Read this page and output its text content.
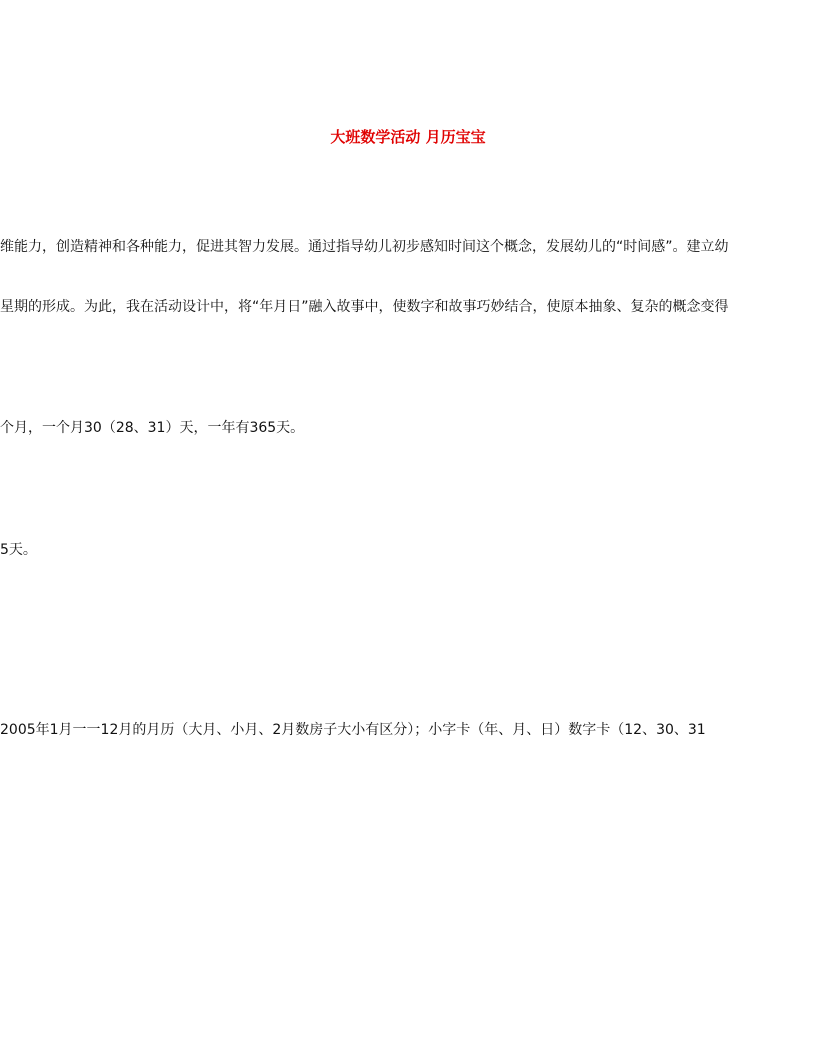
大班数学活动 月历宝宝
维能力，创造精神和各种能力，促进其智力发展。通过指导幼儿初步感知时间这个概念，发展幼儿的“时间感”。建立幼
星期的形成。为此，我在活动设计中，将“年月日”融入故事中，使数字和故事巧妙结合，使原本抽象、复杂的概念变得
个月，一个月30（28、31）天，一年有365天。
5天。
2005年1月一一12月的月历（大月、小月、2月数房子大小有区分）；小字卡（年、月、日）数字卡（12、30、31
